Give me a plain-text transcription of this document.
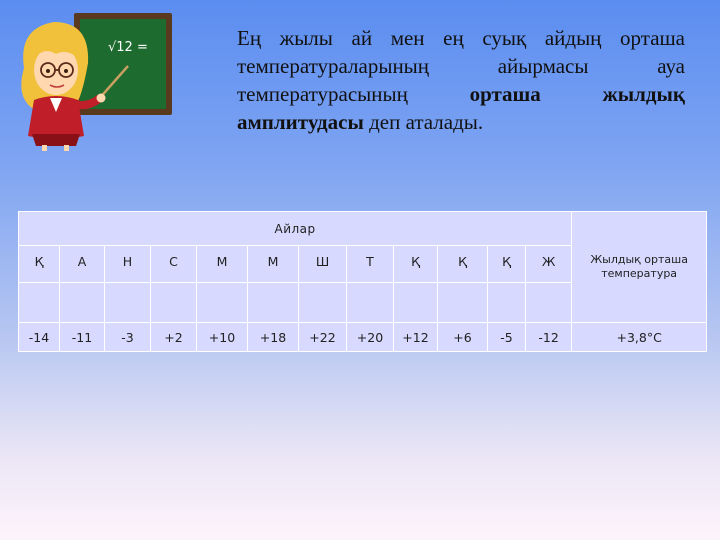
√12 =	Ең жылы ай мен ең суық айдың орташа температураларының айырмасы ауа температурасының	орташа жылдық амплитудасы деп аталады.

Айлар												Жылдық орташа температура
Қ	А	Н	С	М	М	Ш	Т	Қ	Қ	Қ	Ж	

-14	-11	-3	+2	+10	+18	+22	+20	+12	+6	-5	-12	+3,8°С
